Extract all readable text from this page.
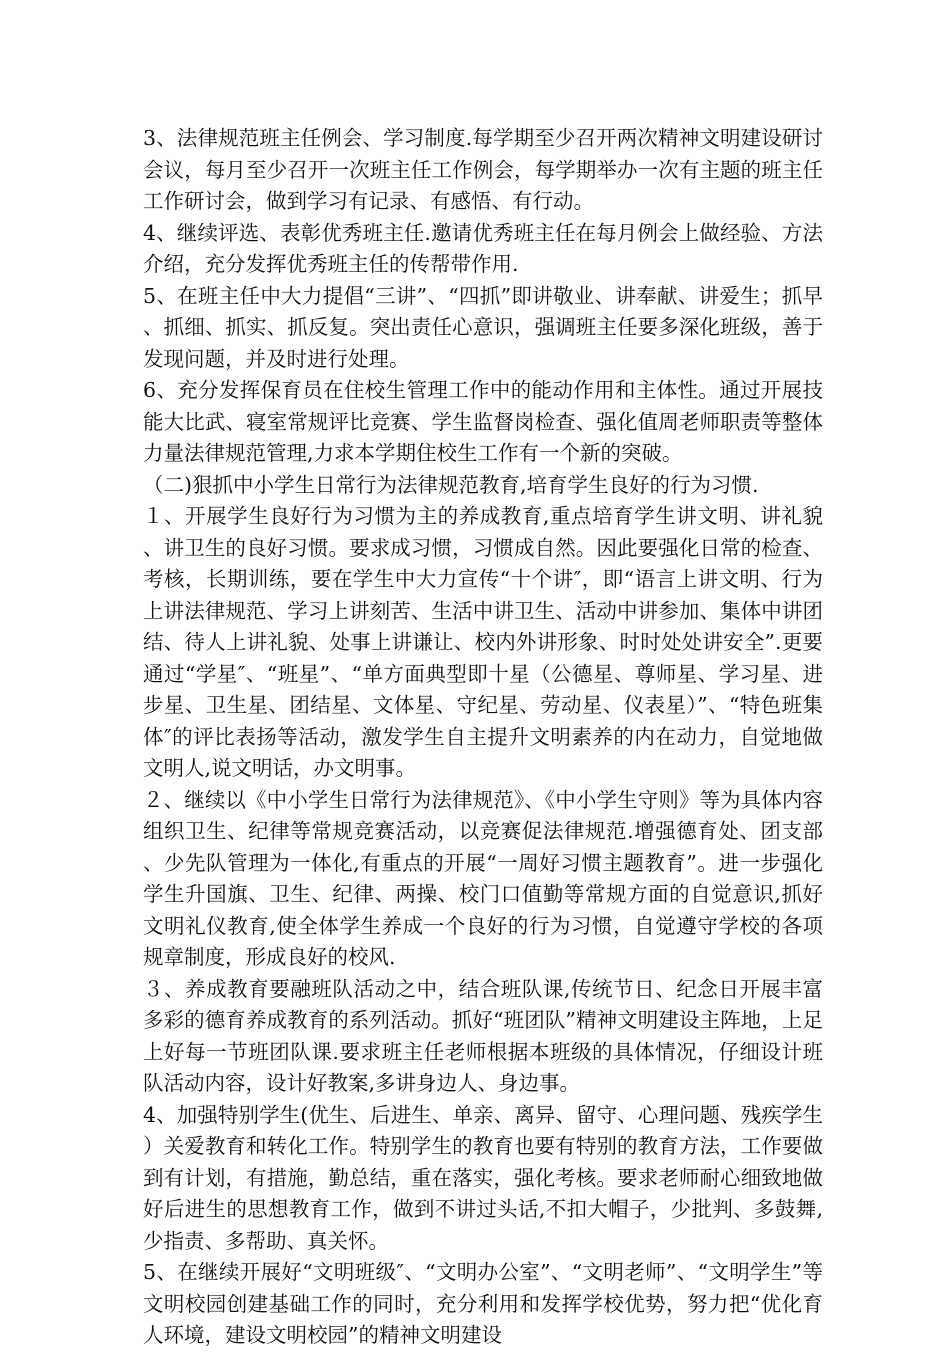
3、法律规范班主任例会、学习制度.每学期至少召开两次精神文明建设研讨会议，每月至少召开一次班主任工作例会，每学期举办一次有主题的班主任工作研讨会，做到学习有记录、有感悟、有行动。

4、继续评选、表彰优秀班主任.邀请优秀班主任在每月例会上做经验、方法介绍，充分发挥优秀班主任的传帮带作用.

5、在班主任中大力提倡“三讲”、“四抓”即讲敬业、讲奉献、讲爱生；抓早、抓细、抓实、抓反复。突出责任心意识，强调班主任要多深化班级，善于发现问题，并及时进行处理。

6、充分发挥保育员在住校生管理工作中的能动作用和主体性。通过开展技能大比武、寝室常规评比竞赛、学生监督岗检查、强化值周老师职责等整体力量法律规范管理,力求本学期住校生工作有一个新的突破。

（二)狠抓中小学生日常行为法律规范教育,培育学生良好的行为习惯.

１、开展学生良好行为习惯为主的养成教育,重点培育学生讲文明、讲礼貌、讲卫生的良好习惯。要求成习惯，习惯成自然。因此要强化日常的检查、考核，长期训练，要在学生中大力宣传“十个讲″，即“语言上讲文明、行为上讲法律规范、学习上讲刻苦、生活中讲卫生、活动中讲参加、集体中讲团结、待人上讲礼貌、处事上讲谦让、校内外讲形象、时时处处讲安全”.更要通过“学星″、“班星”、“单方面典型即十星（公德星、尊师星、学习星、进步星、卫生星、团结星、文体星、守纪星、劳动星、仪表星）”、“特色班集体″的评比表扬等活动，激发学生自主提升文明素养的内在动力，自觉地做文明人,说文明话，办文明事。

２、继续以《中小学生日常行为法律规范》、《中小学生守则》等为具体内容组织卫生、纪律等常规竞赛活动，以竞赛促法律规范.增强德育处、团支部、少先队管理为一体化,有重点的开展“一周好习惯主题教育”。进一步强化学生升国旗、卫生、纪律、两操、校门口值勤等常规方面的自觉意识,抓好文明礼仪教育,使全体学生养成一个良好的行为习惯，自觉遵守学校的各项规章制度，形成良好的校风.

３、养成教育要融班队活动之中，结合班队课,传统节日、纪念日开展丰富多彩的德育养成教育的系列活动。抓好“班团队”精神文明建设主阵地，上足上好每一节班团队课.要求班主任老师根据本班级的具体情况，仔细设计班队活动内容，设计好教案,多讲身边人、身边事。

4、加强特别学生(优生、后进生、单亲、离异、留守、心理问题、残疾学生）关爱教育和转化工作。特别学生的教育也要有特别的教育方法，工作要做到有计划，有措施，勤总结，重在落实，强化考核。要求老师耐心细致地做好后进生的思想教育工作，做到不讲过头话,不扣大帽子，少批判、多鼓舞,少指责、多帮助、真关怀。

5、在继续开展好“文明班级″、“文明办公室”、“文明老师”、“文明学生”等文明校园创建基础工作的同时，充分利用和发挥学校优势，努力把“优化育人环境，建设文明校园”的精神文明建设
